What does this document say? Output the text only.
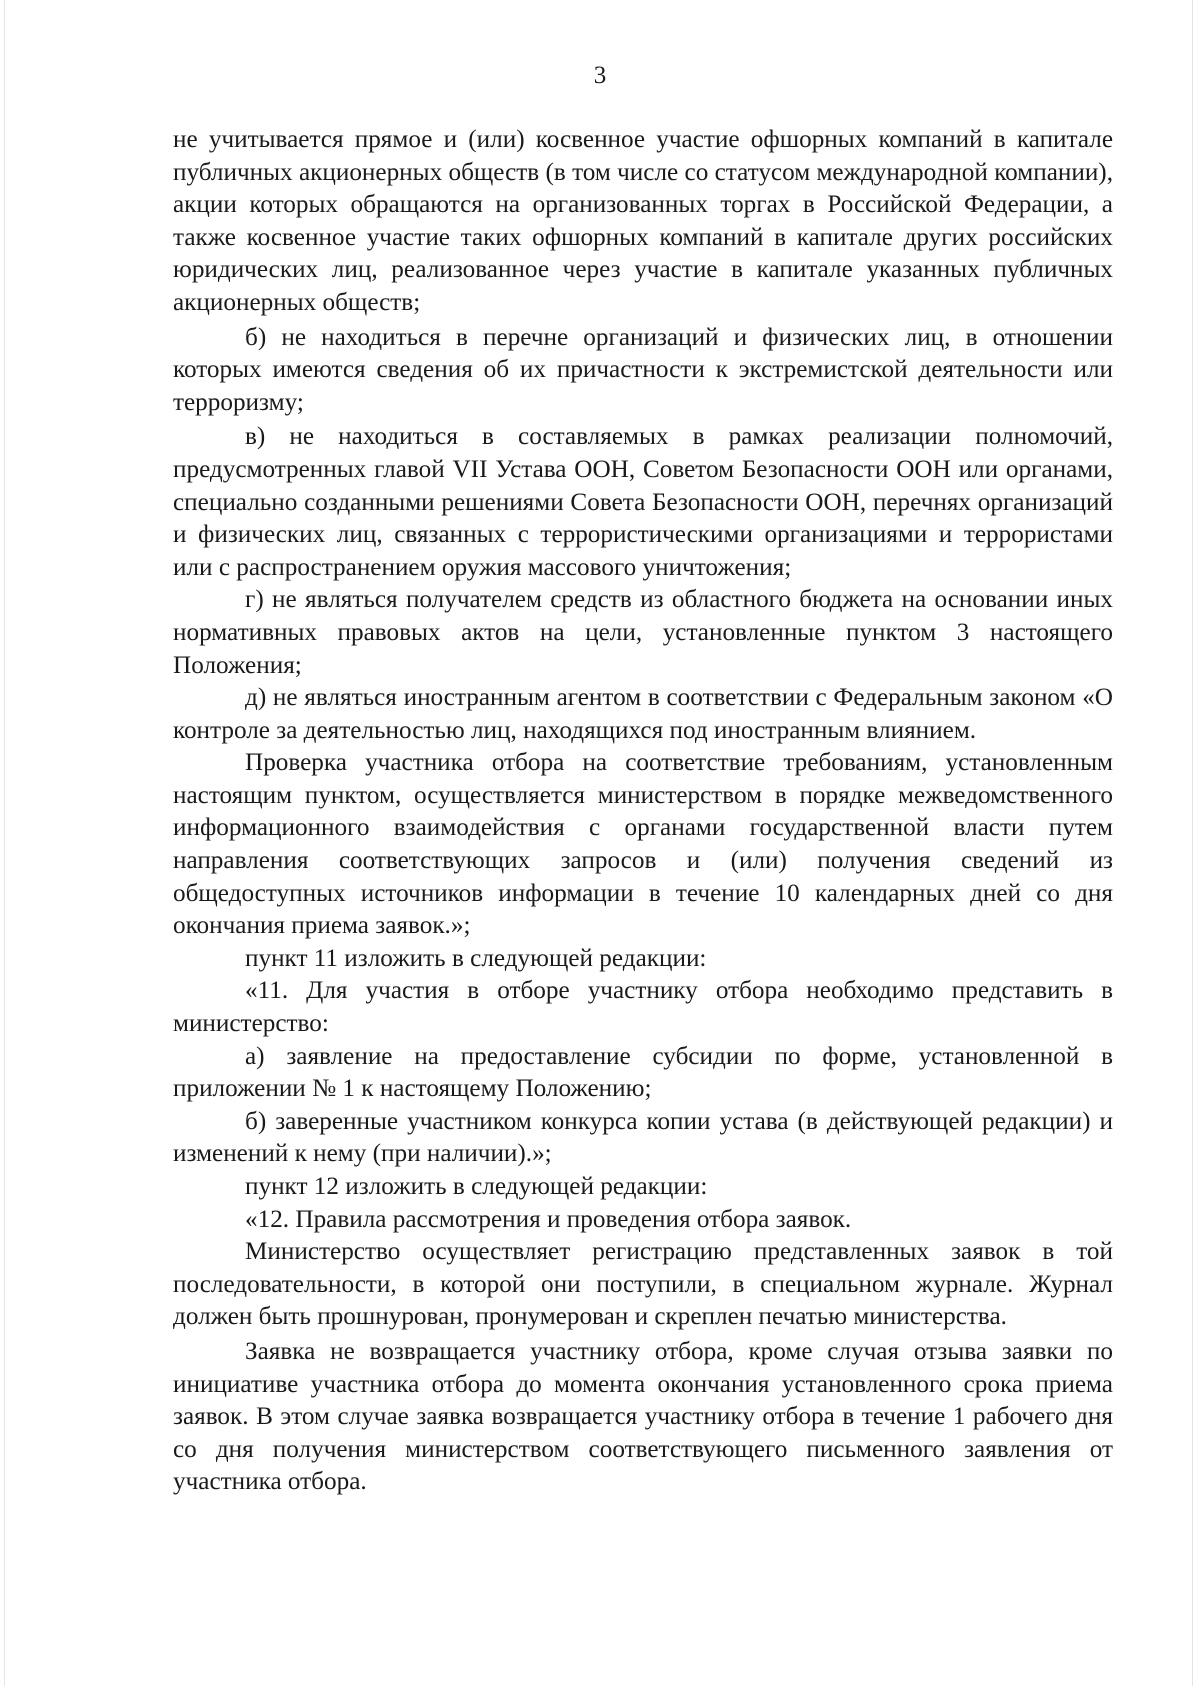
3

не учитывается прямое и (или) косвенное участие офшорных компаний в капитале публичных акционерных обществ (в том числе со статусом международной компании), акции которых обращаются на организованных торгах в Российской Федерации, а также косвенное участие таких офшорных компаний в капитале других российских юридических лиц, реализованное через участие в капитале указанных публичных акционерных обществ;

б) не находиться в перечне организаций и физических лиц, в отношении которых имеются сведения об их причастности к экстремистской деятельности или терроризму;

в) не находиться в составляемых в рамках реализации полномочий, предусмотренных главой VII Устава ООН, Советом Безопасности ООН или органами, специально созданными решениями Совета Безопасности ООН, перечнях организаций и физических лиц, связанных с террористическими организациями и террористами или с распространением оружия массового уничтожения;

г) не являться получателем средств из областного бюджета на основании иных нормативных правовых актов на цели, установленные пунктом 3 настоящего Положения;

д) не являться иностранным агентом в соответствии с Федеральным законом «О контроле за деятельностью лиц, находящихся под иностранным влиянием.

Проверка участника отбора на соответствие требованиям, установленным настоящим пунктом, осуществляется министерством в порядке межведомственного информационного взаимодействия с органами государственной власти путем направления соответствующих запросов и (или) получения сведений из общедоступных источников информации в течение 10 календарных дней со дня окончания приема заявок.»;

пункт 11 изложить в следующей редакции:

«11. Для участия в отборе участнику отбора необходимо представить в министерство:

а) заявление на предоставление субсидии по форме, установленной в приложении № 1 к настоящему Положению;

б) заверенные участником конкурса копии устава (в действующей редакции) и изменений к нему (при наличии).»;

пункт 12 изложить в следующей редакции:

«12. Правила рассмотрения и проведения отбора заявок.

Министерство осуществляет регистрацию представленных заявок в той последовательности, в которой они поступили, в специальном журнале. Журнал должен быть прошнурован, пронумерован и скреплен печатью министерства.

Заявка не возвращается участнику отбора, кроме случая отзыва заявки по инициативе участника отбора до момента окончания установленного срока приема заявок. В этом случае заявка возвращается участнику отбора в течение 1 рабочего дня со дня получения министерством соответствующего письменного заявления от участника отбора.
